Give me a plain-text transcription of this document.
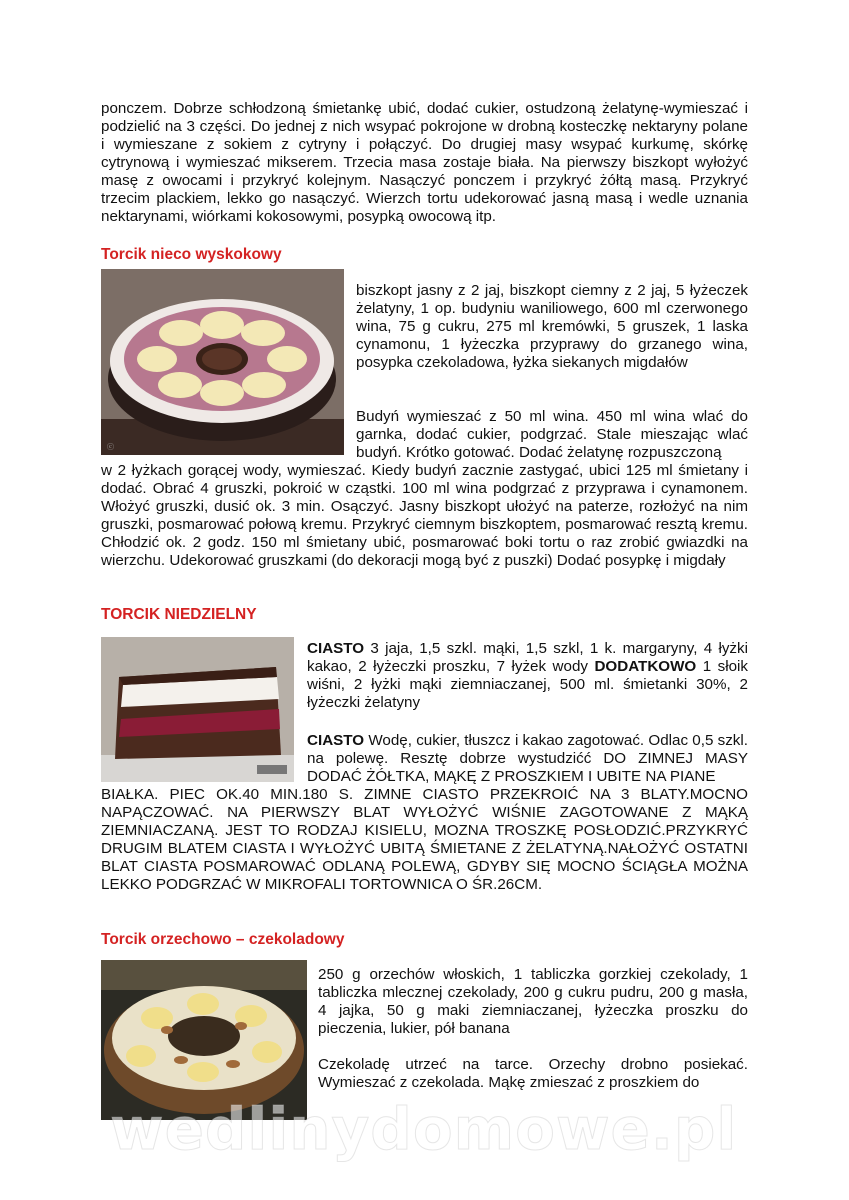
ponczem. Dobrze schłodzoną śmietankę ubić, dodać cukier, ostudzoną żelatynę-wymieszać i podzielić na 3 części. Do jednej z nich wsypać pokrojone w drobną kosteczkę nektaryny polane i wymieszane z sokiem z cytryny i połączyć. Do drugiej masy wsypać kurkumę, skórkę cytrynową i wymieszać mikserem. Trzecia masa zostaje biała. Na pierwszy biszkopt wyłożyć masę z owocami i przykryć kolejnym. Nasączyć ponczem i przykryć żółtą masą. Przykryć trzecim plackiem, lekko go nasączyć. Wierzch tortu udekorować jasną masą i wedle uznania nektarynami, wiórkami kokosowymi, posypką owocową itp.

Torcik nieco wyskokowy
ⓒ

biszkopt jasny z 2 jaj, biszkopt ciemny z 2 jaj, 5 łyżeczek żelatyny, 1 op. budyniu waniliowego, 600 ml czerwonego wina, 75 g cukru, 275 ml kremówki, 5 gruszek, 1 laska cynamonu, 1 łyżeczka przyprawy do grzanego wina, posypka czekoladowa, łyżka siekanych migdałów

Budyń wymieszać z 50 ml wina. 450 ml wina wlać do garnka, dodać cukier, podgrzać. Stale mieszając wlać budyń. Krótko gotować. Dodać żelatynę rozpuszczoną

w 2 łyżkach gorącej wody, wymieszać. Kiedy budyń zacznie zastygać, ubici 125 ml śmietany i dodać. Obrać 4 gruszki, pokroić w cząstki. 100 ml wina podgrzać z przyprawa i cynamonem. Włożyć gruszki, dusić ok. 3 min. Osączyć. Jasny biszkopt ułożyć na paterze, rozłożyć na nim gruszki, posmarować połową kremu. Przykryć ciemnym biszkoptem, posmarować resztą kremu. Chłodzić ok. 2 godz. 150 ml śmietany ubić, posmarować boki tortu o raz zrobić gwiazdki na wierzchu. Udekorować gruszkami (do dekoracji mogą być z puszki) Dodać posypkę i migdały

TORCIK NIEDZIELNY

CIASTO 3 jaja, 1,5 szkl. mąki, 1,5 szkl, 1 k. margaryny, 4 łyżki kakao, 2 łyżeczki proszku, 7 łyżek wody DODATKOWO 1 słoik wiśni, 2 łyżki mąki ziemniaczanej, 500 ml. śmietanki 30%, 2 łyżeczki żelatyny

CIASTO Wodę, cukier, tłuszcz i kakao zagotować. Odlac 0,5 szkl. na polewę. Resztę dobrze wystudzićć DO ZIMNEJ MASY DODAĆ ŻÓŁTKA, MĄKĘ Z PROSZKIEM I UBITE NA PIANE

BIAŁKA. PIEC OK.40 MIN.180 S. ZIMNE CIASTO PRZEKROIĆ NA 3 BLATY.MOCNO NAPĄCZOWAĆ. NA PIERWSZY BLAT WYŁOŻYĆ WIŚNIE ZAGOTOWANE Z MĄKĄ ZIEMNIACZANĄ. JEST TO RODZAJ KISIELU, MOZNA TROSZKĘ POSŁODZIĆ.PRZYKRYĆ DRUGIM BLATEM CIASTA I WYŁOŻYĆ UBITĄ ŚMIETANE Z ŻELATYNĄ.NAŁOŻYĆ OSTATNI BLAT CIASTA POSMAROWAĆ ODLANĄ POLEWĄ, GDYBY SIĘ MOCNO ŚCIĄGŁA MOŻNA LEKKO PODGRZAĆ W MIKROFALI TORTOWNICA O ŚR.26CM.

Torcik orzechowo – czekoladowy

250 g orzechów włoskich, 1 tabliczka gorzkiej czekolady, 1 tabliczka mlecznej czekolady, 200 g cukru pudru, 200 g masła, 4 jajka, 50 g maki ziemniaczanej, łyżeczka proszku do pieczenia, lukier, pół banana

Czekoladę utrzeć na tarce. Orzechy drobno posiekać. Wymieszać z czekolada. Mąkę zmieszać z proszkiem do

wedlinydomowe.pl
